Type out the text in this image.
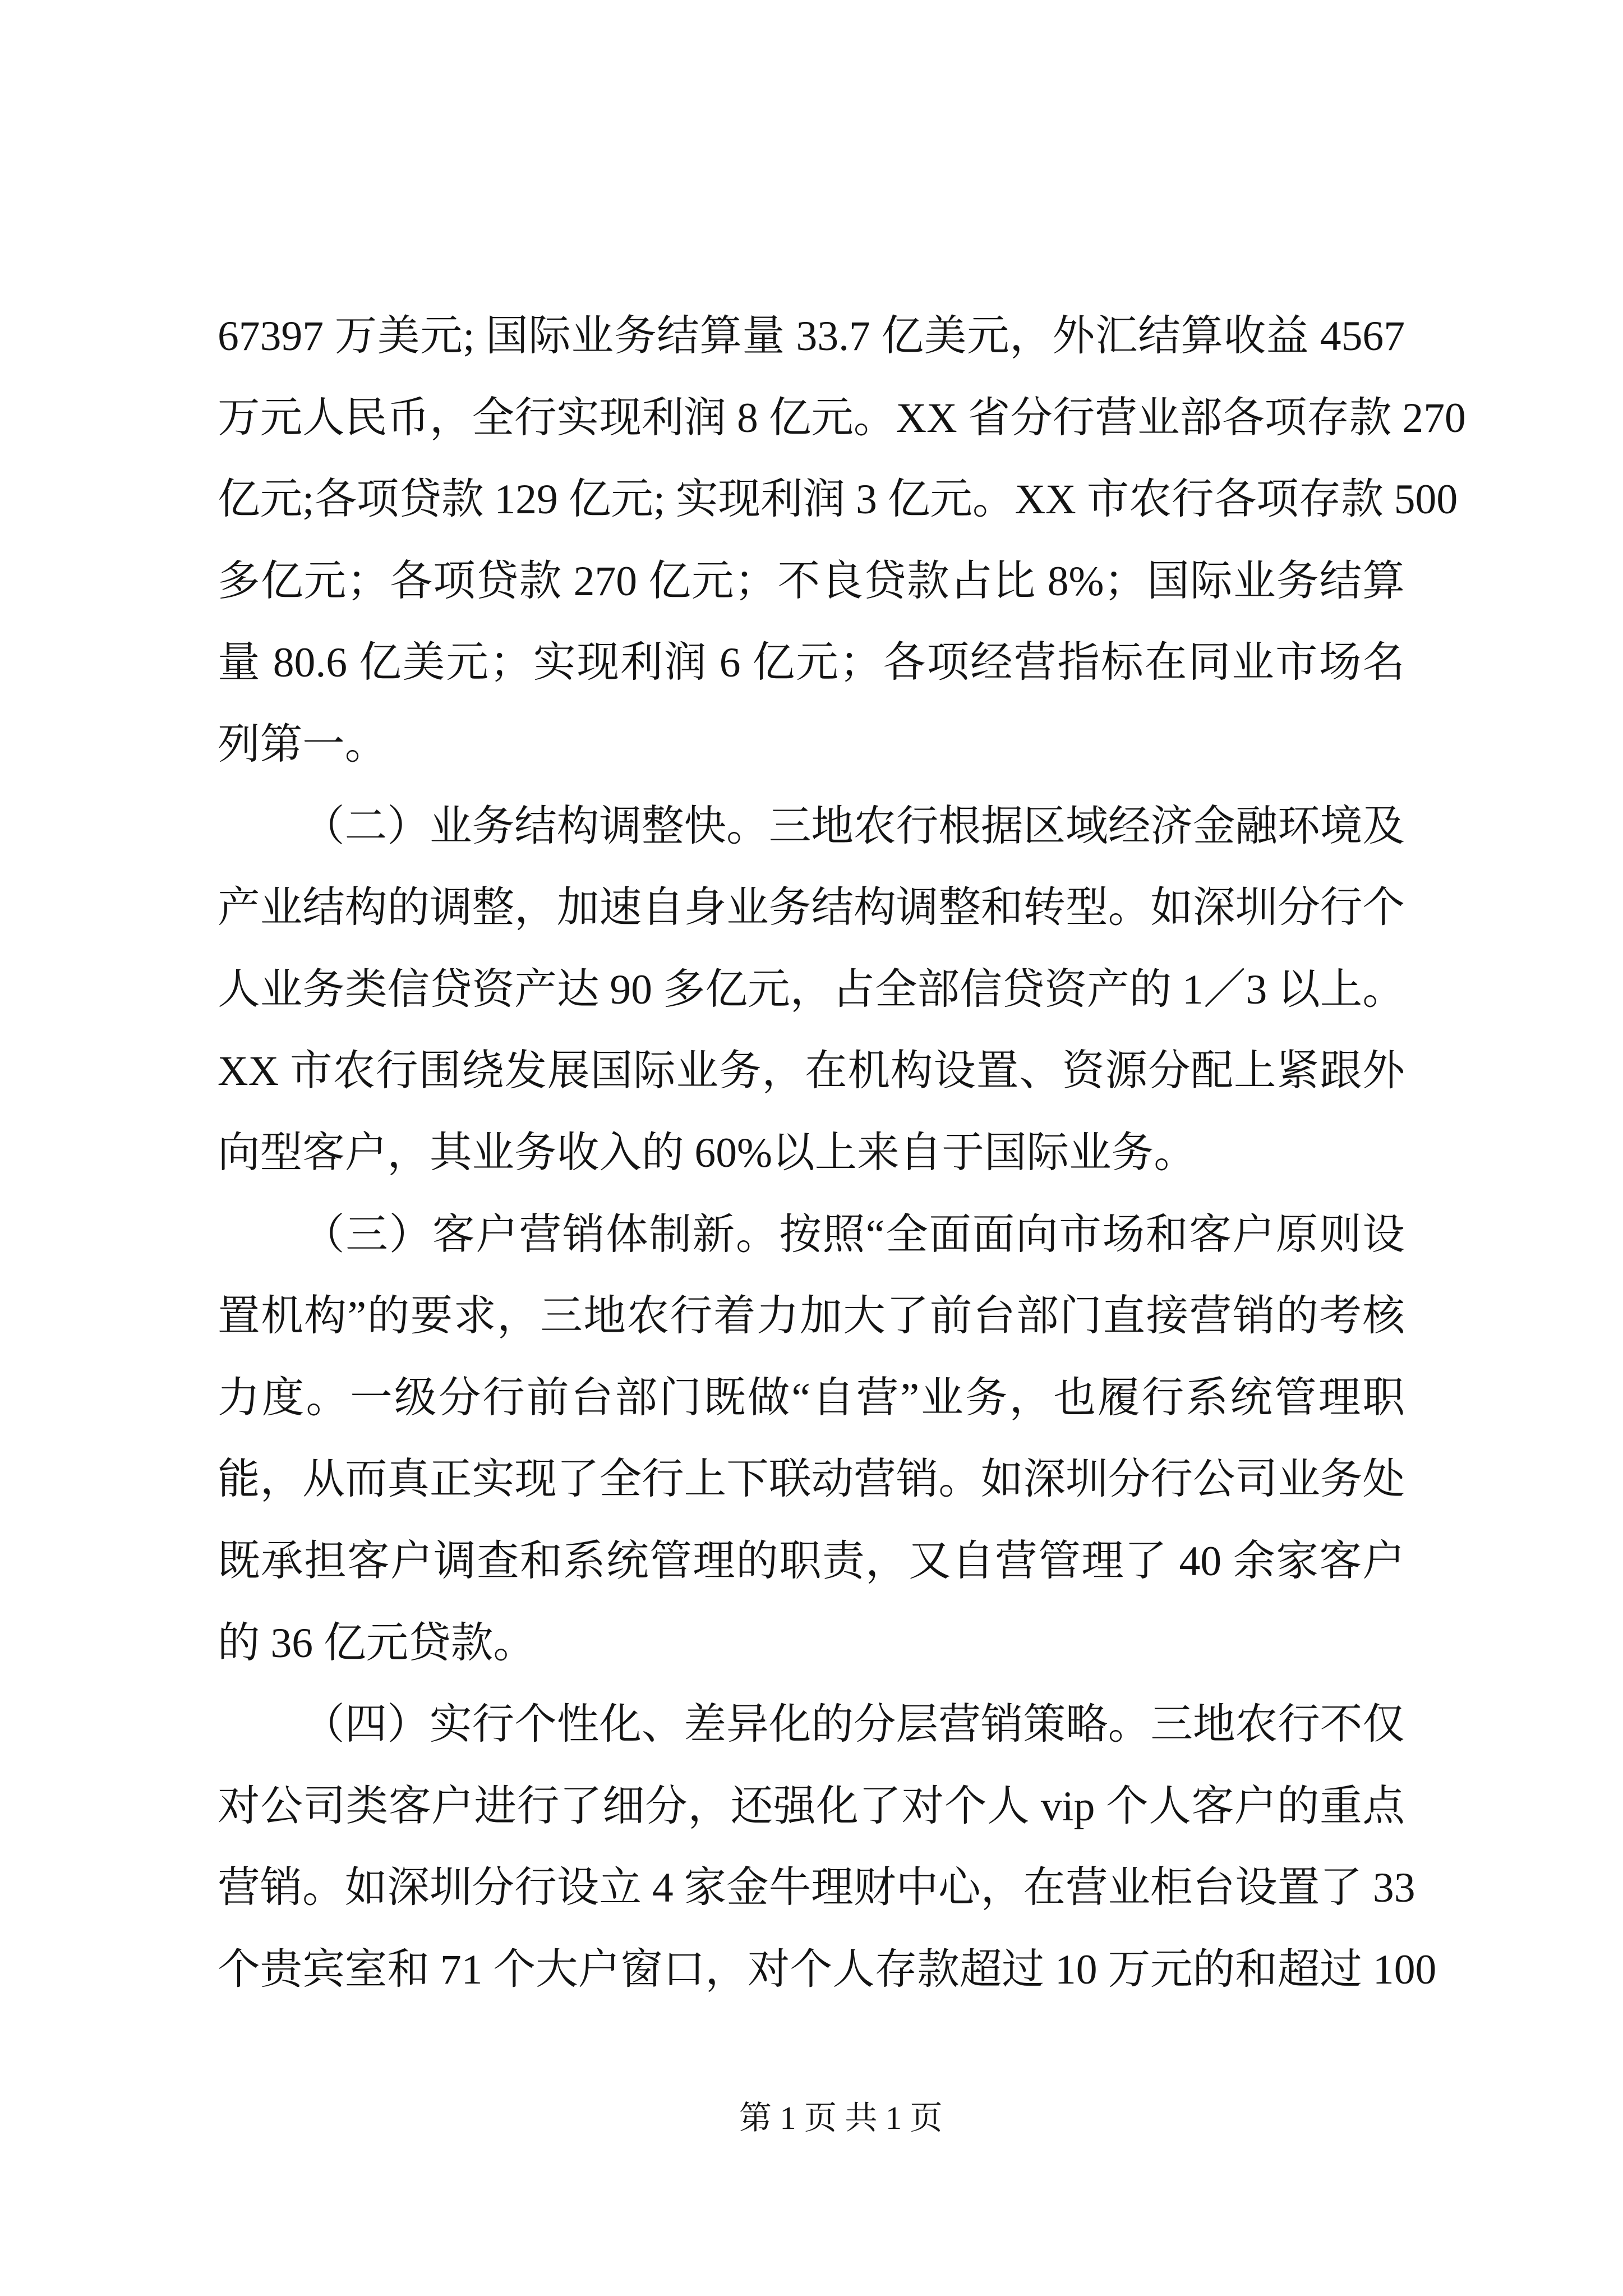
67397 万美元; 国际业务结算量 33.7 亿美元，外汇结算收益 4567
万元人民币，全行实现利润 8 亿元。XX 省分行营业部各项存款 270
亿元;各项贷款 129 亿元; 实现利润 3 亿元。XX 市农行各项存款 500
多亿元；各项贷款 270 亿元；不良贷款占比 8%；国际业务结算
量 80.6 亿美元；实现利润 6 亿元；各项经营指标在同业市场名
列第一。
（二）业务结构调整快。三地农行根据区域经济金融环境及
产业结构的调整，加速自身业务结构调整和转型。如深圳分行个
人业务类信贷资产达 90 多亿元，占全部信贷资产的 1／3 以上。
XX 市农行围绕发展国际业务，在机构设置、资源分配上紧跟外
向型客户，其业务收入的 60%以上来自于国际业务。
（三）客户营销体制新。按照“全面面向市场和客户原则设
置机构”的要求，三地农行着力加大了前台部门直接营销的考核
力度。一级分行前台部门既做“自营”业务，也履行系统管理职
能，从而真正实现了全行上下联动营销。如深圳分行公司业务处
既承担客户调查和系统管理的职责，又自营管理了 40 余家客户
的 36 亿元贷款。
（四）实行个性化、差异化的分层营销策略。三地农行不仅
对公司类客户进行了细分，还强化了对个人 vip 个人客户的重点
营销。如深圳分行设立 4 家金牛理财中心，在营业柜台设置了 33
个贵宾室和 71 个大户窗口，对个人存款超过 10 万元的和超过 100
第 1 页 共 1 页
